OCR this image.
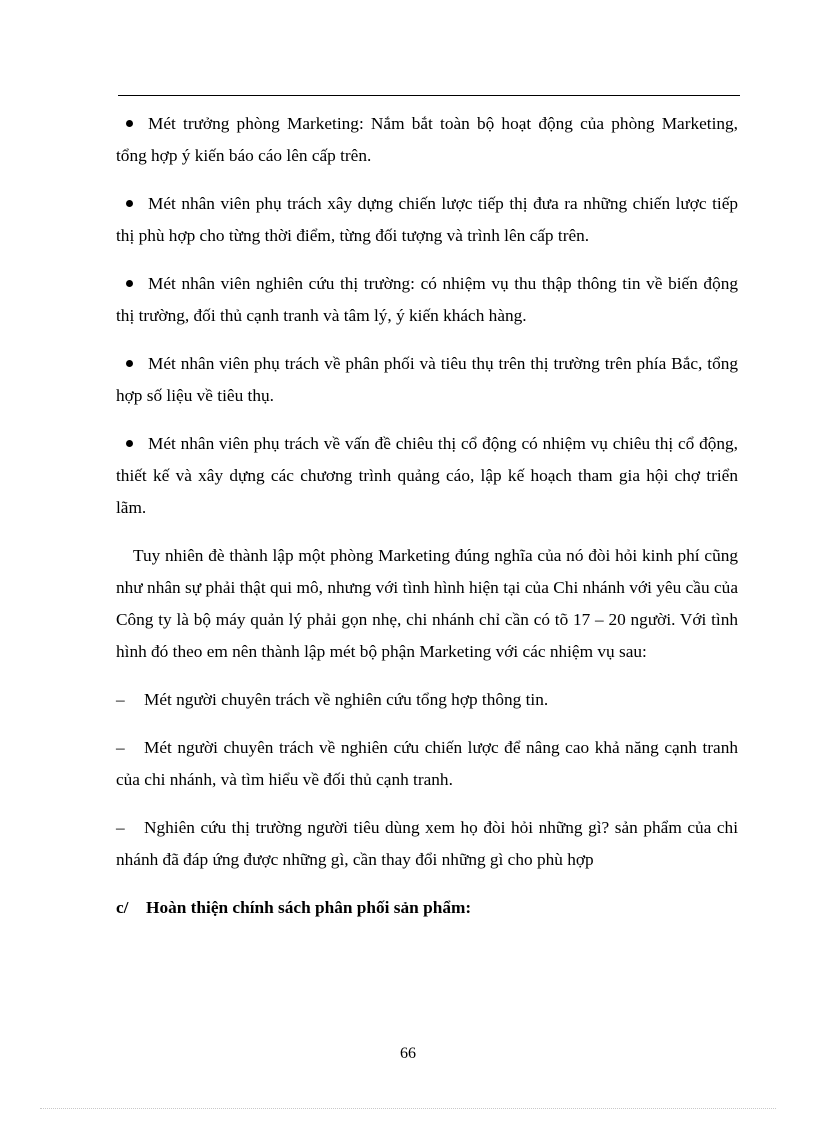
Mét trưởng phòng Marketing: Nắm bắt toàn bộ hoạt động của phòng Marketing, tổng hợp ý kiến báo cáo lên cấp trên.

Mét nhân viên phụ trách xây dựng chiến lược tiếp thị đưa ra những chiến lược tiếp thị phù hợp cho từng thời điểm, từng đối tượng và trình lên cấp trên.

Mét nhân viên nghiên cứu thị trường: có nhiệm vụ thu thập thông tin về biến động thị trường, đối thủ cạnh tranh và tâm lý, ý kiến khách hàng.

Mét nhân viên phụ trách về phân phối và tiêu thụ trên thị trường trên phía Bắc, tổng hợp số liệu về tiêu thụ.

Mét nhân viên phụ trách về vấn đề chiêu thị cổ động có nhiệm vụ chiêu thị cổ động, thiết kế và xây dựng các chương trình quảng cáo, lập kế hoạch tham gia hội chợ triển lãm.

Tuy nhiên đè thành lập một phòng Marketing đúng nghĩa của nó đòi hỏi kinh phí cũng như nhân sự phải thật qui mô, nhưng với tình hình hiện tại của Chi nhánh với yêu cầu của Công ty là bộ máy quản lý phải gọn nhẹ, chi nhánh chỉ cần có tõ 17 – 20 người. Với tình hình đó theo em nên thành lập mét bộ phận Marketing với các nhiệm vụ sau:

– Mét người chuyên trách về nghiên cứu tổng hợp thông tin.

– Mét người chuyên trách về nghiên cứu chiến lược để nâng cao khả năng cạnh tranh của chi nhánh, và tìm hiểu về đối thủ cạnh tranh.

– Nghiên cứu thị trường người tiêu dùng xem họ đòi hỏi những gì? sản phẩm của chi nhánh đã đáp ứng được những gì, cần thay đổi những gì cho phù hợp

c/ Hoàn thiện chính sách phân phối sản phẩm:

66
